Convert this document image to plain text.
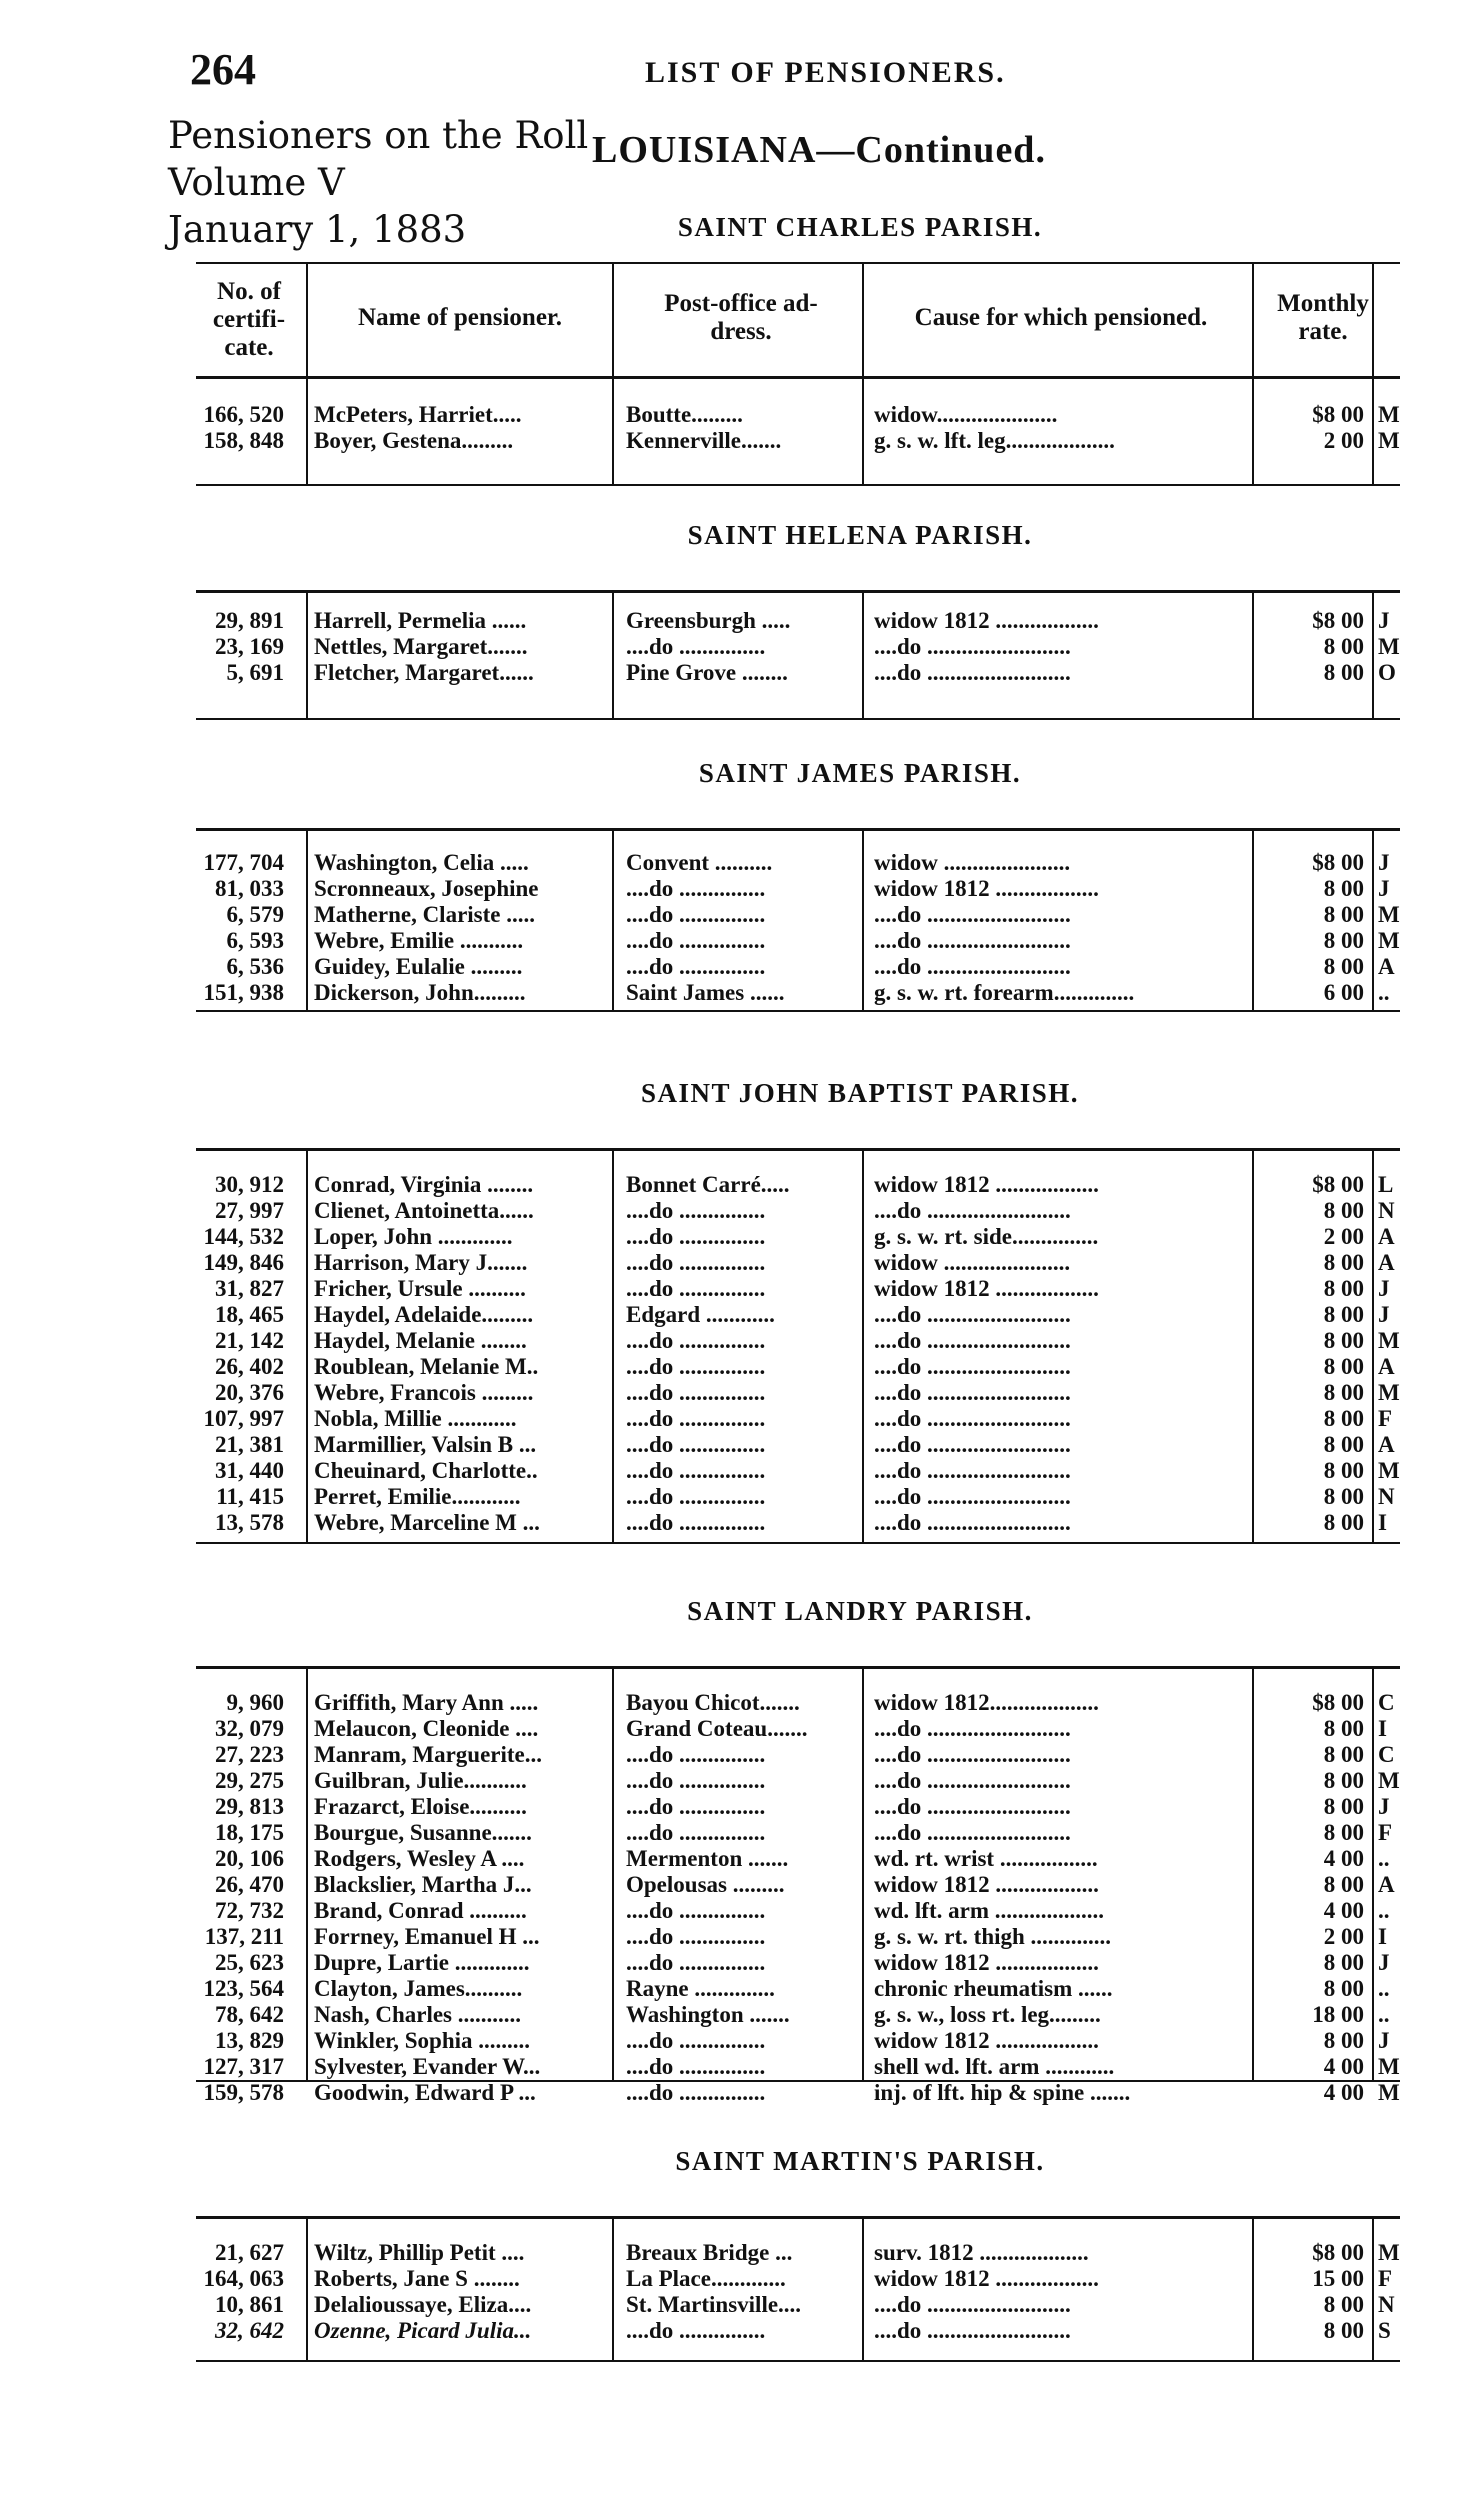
264	LIST OF PENSIONERS.
Pensioners on the Roll
Volume V
January 1, 1883
LOUISIANA—Continued.
No. of certifi- cate.
Name of pensioner.
Post-office ad- dress.
Cause for which pensioned.
Monthly rate.
SAINT CHARLES PARISH.
166, 520 McPeters, Harriet.....	Boutte.........	widow.....................	$8 00 M
158, 848 Boyer, Gestena.........	Kennerville.......	g. s. w. lft. leg...................	2 00 M
SAINT HELENA PARISH.
29, 891 Harrell, Permelia ......	Greensburgh .....	widow 1812 ..................	$8 00 J
23, 169 Nettles, Margaret.......	....do ...............	....do .........................	8 00 M
5, 691 Fletcher, Margaret......	Pine Grove ........	....do .........................	8 00 O
SAINT JAMES PARISH.
177, 704 Washington, Celia .....	Convent ..........	widow ......................	$8 00 J
81, 033 Scronneaux, Josephine	....do ...............	widow 1812 ..................	8 00 J
6, 579 Matherne, Clariste .....	....do ...............	....do .........................	8 00 M
6, 593 Webre, Emilie ...........	....do ...............	....do .........................	8 00 M
6, 536 Guidey, Eulalie .........	....do ...............	....do .........................	8 00 A
151, 938 Dickerson, John.........	Saint James ......	g. s. w. rt. forearm..............	6 00 ..
SAINT JOHN BAPTIST PARISH.
30, 912 Conrad, Virginia ........	Bonnet Carré.....	widow 1812 ..................	$8 00 L
27, 997 Clienet, Antoinetta......	....do ...............	....do .........................	8 00 N
144, 532 Loper, John .............	....do ...............	g. s. w. rt. side...............	2 00 A
149, 846 Harrison, Mary J.......	....do ...............	widow ......................	8 00 A
31, 827 Fricher, Ursule ..........	....do ...............	widow 1812 ..................	8 00 J
18, 465 Haydel, Adelaide.........	Edgard ............	....do .........................	8 00 J
21, 142 Haydel, Melanie ........	....do ...............	....do .........................	8 00 M
26, 402 Roublean, Melanie M..	....do ...............	....do .........................	8 00 A
20, 376 Webre, Francois .........	....do ...............	....do .........................	8 00 M
107, 997 Nobla, Millie ............	....do ...............	....do .........................	8 00 F
21, 381 Marmillier, Valsin B ...	....do ...............	....do .........................	8 00 A
31, 440 Cheuinard, Charlotte..	....do ...............	....do .........................	8 00 M
11, 415 Perret, Emilie............	....do ...............	....do .........................	8 00 N
13, 578 Webre, Marceline M ...	....do ...............	....do .........................	8 00 I
SAINT LANDRY PARISH.
9, 960 Griffith, Mary Ann .....	Bayou Chicot.......	widow 1812...................	$8 00 C
32, 079 Melaucon, Cleonide ....	Grand Coteau.......	....do .........................	8 00 I
27, 223 Manram, Marguerite...	....do ...............	....do .........................	8 00 C
29, 275 Guilbran, Julie...........	....do ...............	....do .........................	8 00 M
29, 813 Frazarct, Eloise..........	....do ...............	....do .........................	8 00 J
18, 175 Bourgue, Susanne.......	....do ...............	....do .........................	8 00 F
20, 106 Rodgers, Wesley A ....	Mermenton .......	wd. rt. wrist .................	4 00 ..
26, 470 Blackslier, Martha J...	Opelousas .........	widow 1812 ..................	8 00 A
72, 732 Brand, Conrad ..........	....do ...............	wd. lft. arm ...................	4 00 ..
137, 211 Forrney, Emanuel H ...	....do ...............	g. s. w. rt. thigh ..............	2 00 I
25, 623 Dupre, Lartie .............	....do ...............	widow 1812 ..................	8 00 J
123, 564 Clayton, James..........	Rayne ..............	chronic rheumatism ......	8 00 ..
78, 642 Nash, Charles ...........	Washington .......	g. s. w., loss rt. leg.........	18 00 ..
13, 829 Winkler, Sophia .........	....do ...............	widow 1812 ..................	8 00 J
127, 317 Sylvester, Evander W...	....do ...............	shell wd. lft. arm ............	4 00 M
159, 578 Goodwin, Edward P ...	....do ...............	inj. of lft. hip & spine .......	4 00 M
SAINT MARTIN'S PARISH.
21, 627 Wiltz, Phillip Petit ....	Breaux Bridge ...	surv. 1812 ...................	$8 00 M
164, 063 Roberts, Jane S ........	La Place.............	widow 1812 ..................	15 00 F
10, 861 Delalioussaye, Eliza....	St. Martinsville....	....do .........................	8 00 N
32, 642 Ozenne, Picard Julia...	....do ...............	....do .........................	8 00 S
